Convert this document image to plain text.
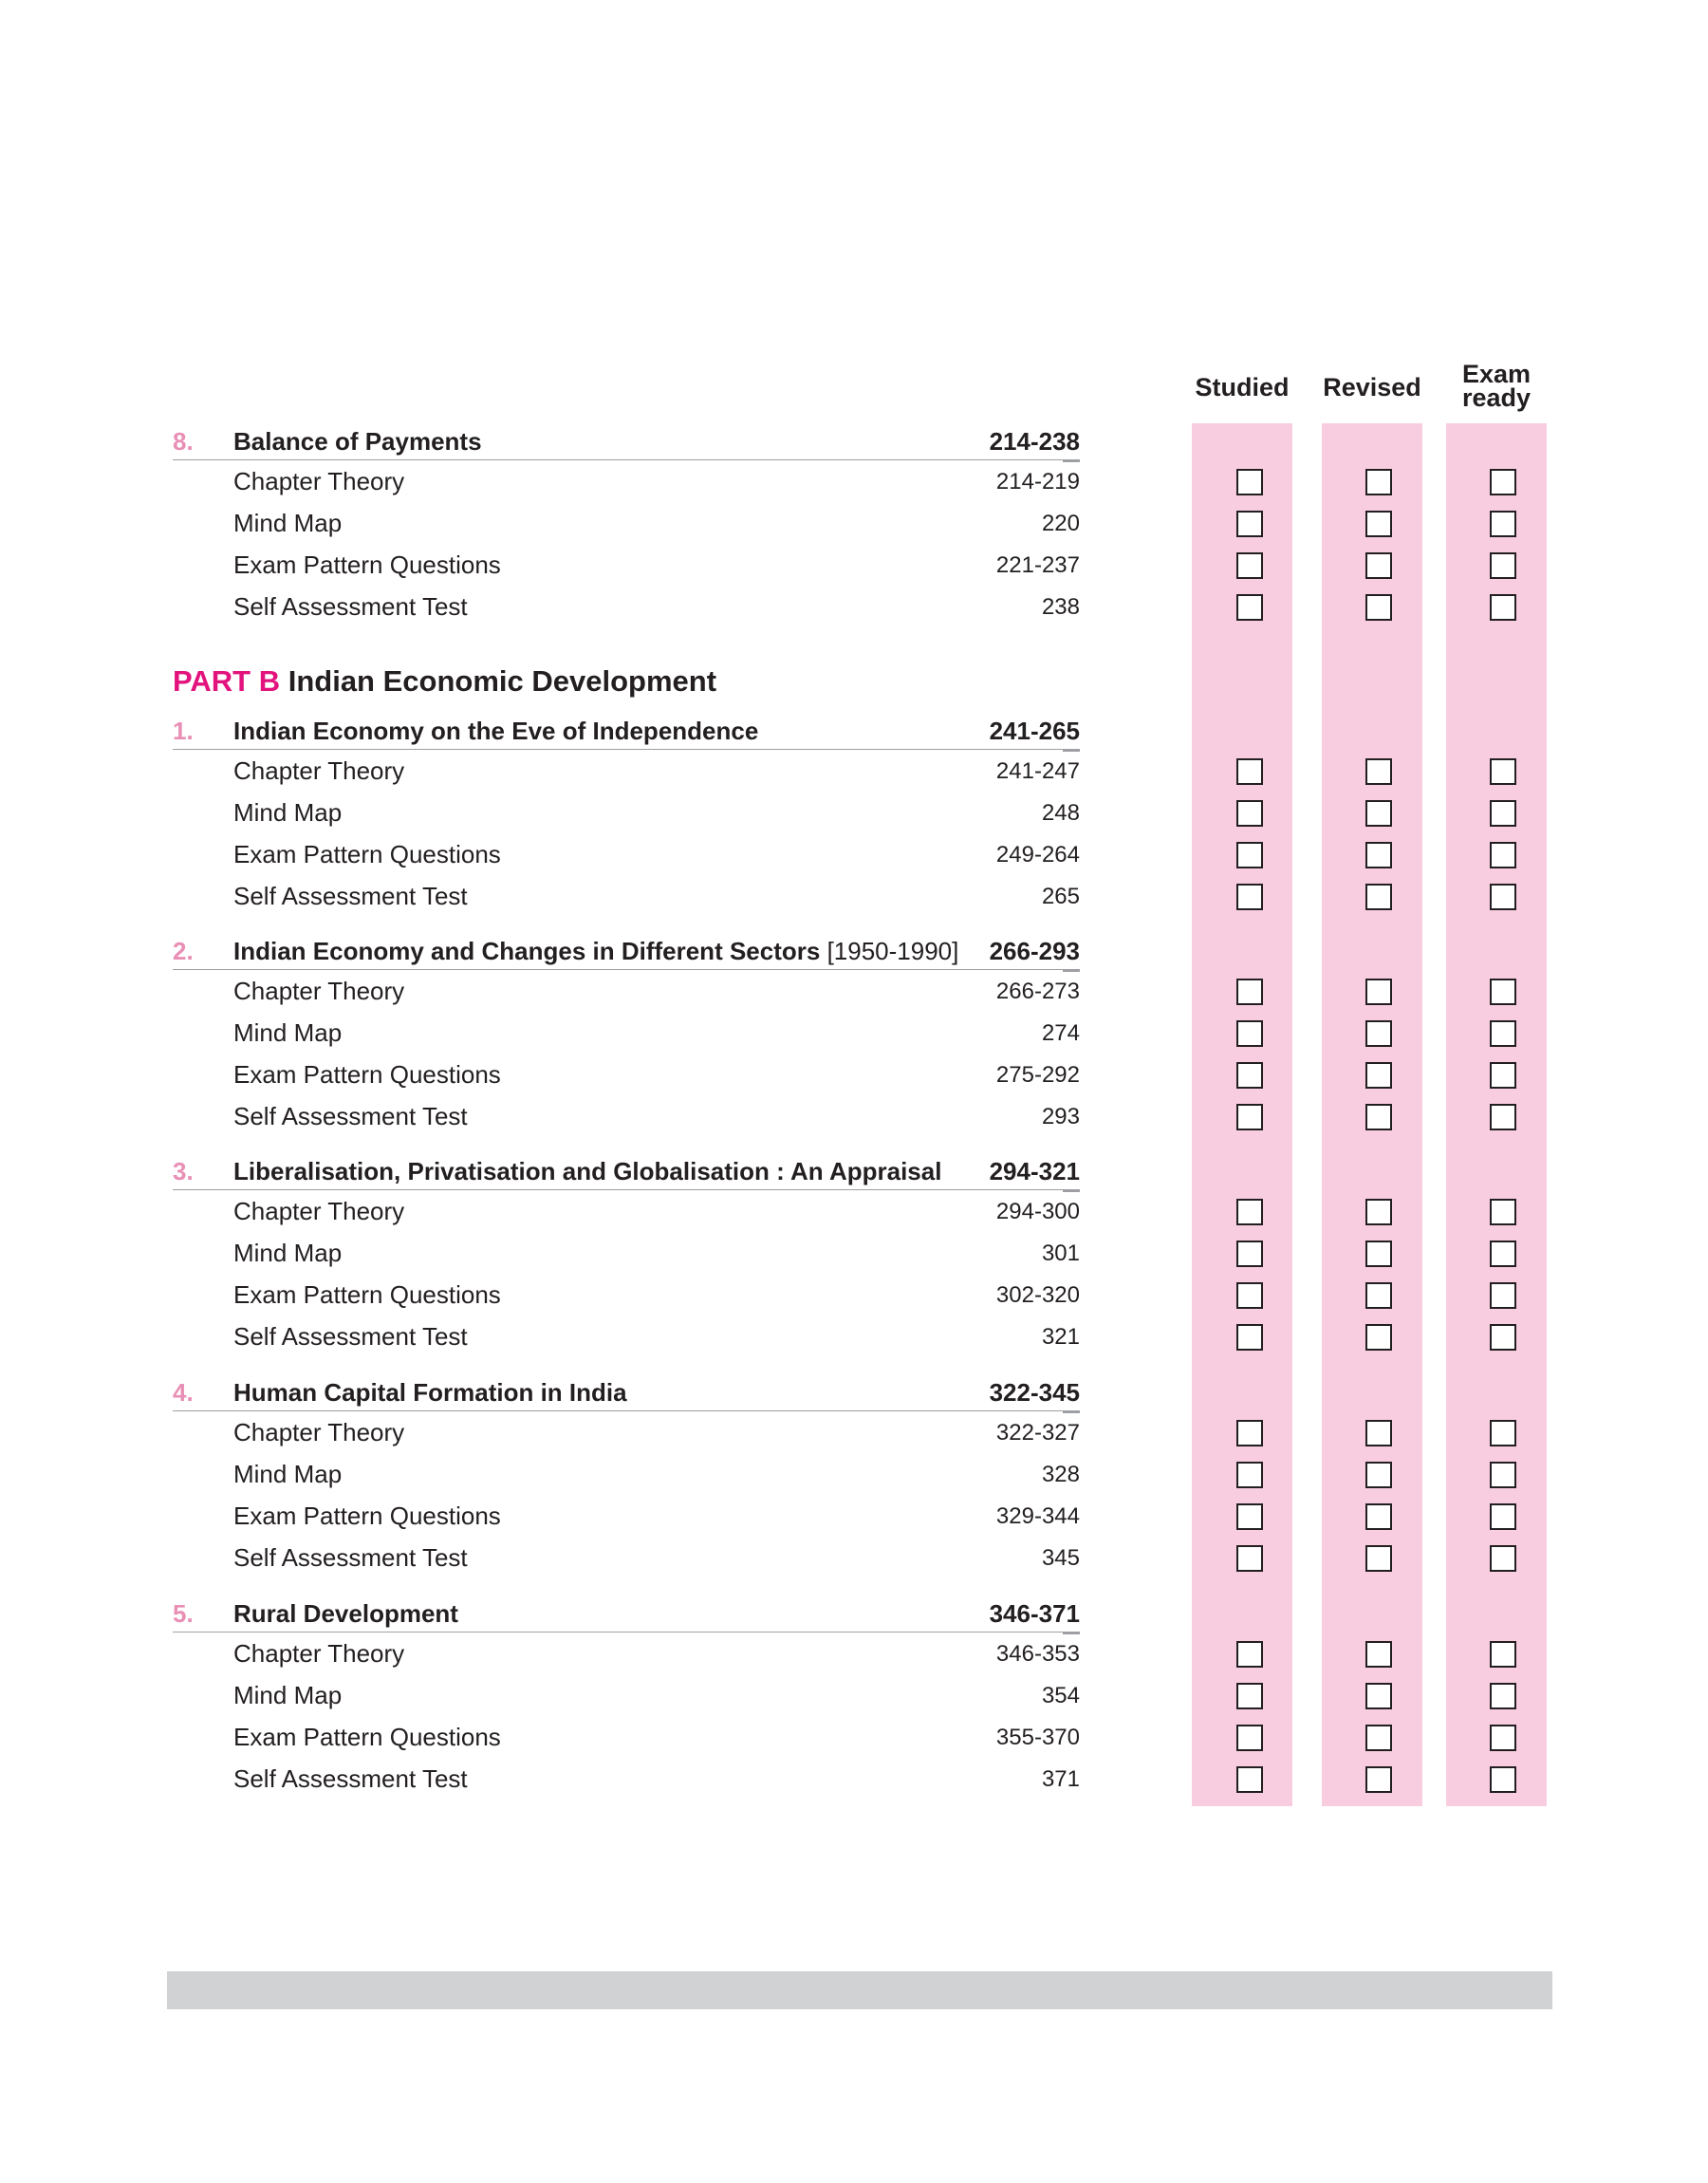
Studied	Revised	Exam
ready
PART B Indian Economic Development
8. Balance of Payments	214-238
Chapter Theory	214-219
Mind Map	220
Exam Pattern Questions	221-237
Self Assessment Test	238
1. Indian Economy on the Eve of Independence	241-265
Chapter Theory	241-247
Mind Map	248
Exam Pattern Questions	249-264
Self Assessment Test	265
2. Indian Economy and Changes in Different Sectors [1950-1990] 266-293
Chapter Theory	266-273
Mind Map	274
Exam Pattern Questions	275-292
Self Assessment Test	293
3. Liberalisation, Privatisation and Globalisation : An Appraisal 294-321
Chapter Theory	294-300
Mind Map	301
Exam Pattern Questions	302-320
Self Assessment Test	321
4. Human Capital Formation in India	322-345
Chapter Theory	322-327
Mind Map	328
Exam Pattern Questions	329-344
Self Assessment Test	345
5. Rural Development	346-371
Chapter Theory	346-353
Mind Map	354
Exam Pattern Questions	355-370
Self Assessment Test	371
